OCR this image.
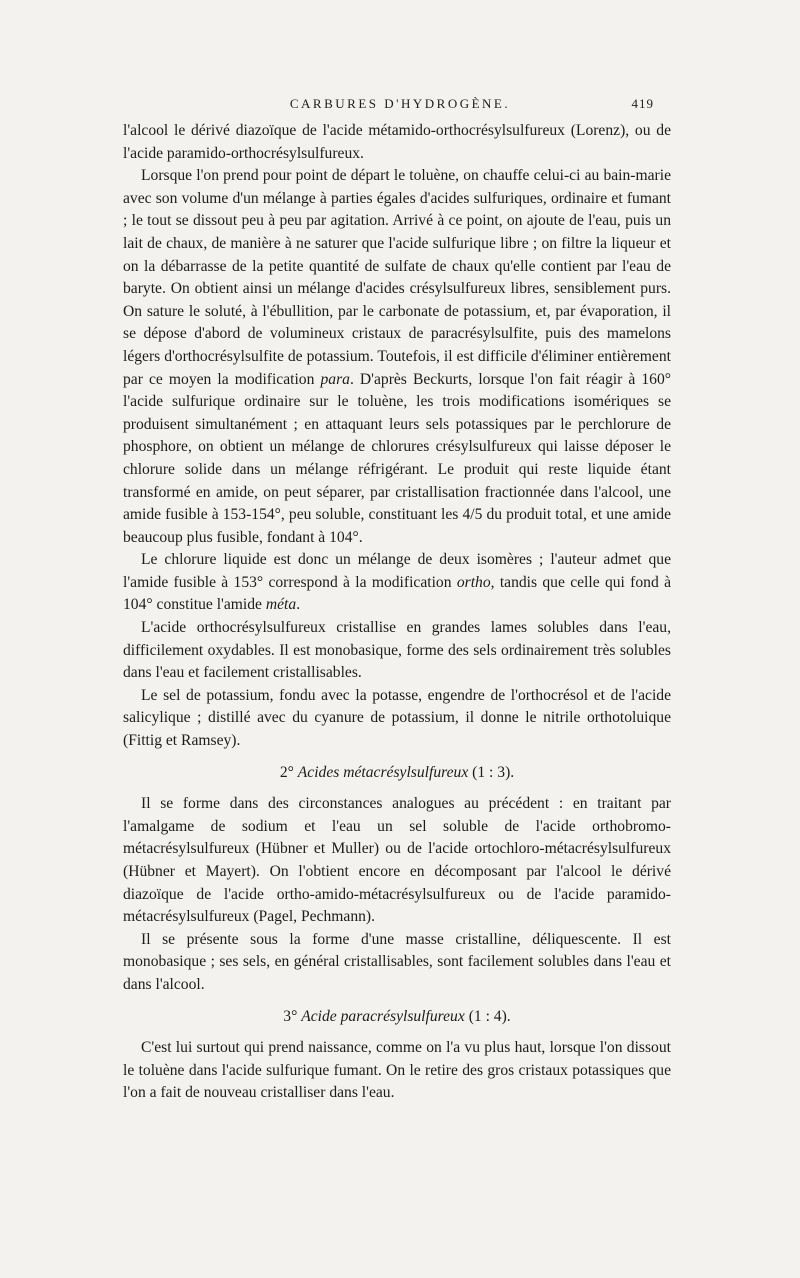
CARBURES D'HYDROGÈNE.	419

l'alcool le dérivé diazoïque de l'acide métamido-orthocrésylsulfureux (Lorenz), ou de l'acide paramido-orthocrésylsulfureux.

Lorsque l'on prend pour point de départ le toluène, on chauffe celui-ci au bain-marie avec son volume d'un mélange à parties égales d'acides sulfuriques, ordinaire et fumant ; le tout se dissout peu à peu par agitation. Arrivé à ce point, on ajoute de l'eau, puis un lait de chaux, de manière à ne saturer que l'acide sulfurique libre ; on filtre la liqueur et on la débarrasse de la petite quantité de sulfate de chaux qu'elle contient par l'eau de baryte. On obtient ainsi un mélange d'acides crésylsulfureux libres, sensiblement purs. On sature le soluté, à l'ébullition, par le carbonate de potassium, et, par évaporation, il se dépose d'abord de volumineux cristaux de paracrésylsulfite, puis des mamelons légers d'orthocrésylsulfite de potassium. Toutefois, il est difficile d'éliminer entièrement par ce moyen la modification para. D'après Beckurts, lorsque l'on fait réagir à 160° l'acide sulfurique ordinaire sur le toluène, les trois modifications isomériques se produisent simultanément ; en attaquant leurs sels potassiques par le perchlorure de phosphore, on obtient un mélange de chlorures crésylsulfureux qui laisse déposer le chlorure solide dans un mélange réfrigérant. Le produit qui reste liquide étant transformé en amide, on peut séparer, par cristallisation fractionnée dans l'alcool, une amide fusible à 153-154°, peu soluble, constituant les 4/5 du produit total, et une amide beaucoup plus fusible, fondant à 104°.

Le chlorure liquide est donc un mélange de deux isomères ; l'auteur admet que l'amide fusible à 153° correspond à la modification ortho, tandis que celle qui fond à 104° constitue l'amide méta.

L'acide orthocrésylsulfureux cristallise en grandes lames solubles dans l'eau, difficilement oxydables. Il est monobasique, forme des sels ordinairement très solubles dans l'eau et facilement cristallisables.

Le sel de potassium, fondu avec la potasse, engendre de l'orthocrésol et de l'acide salicylique ; distillé avec du cyanure de potassium, il donne le nitrile orthotoluique (Fittig et Ramsey).

2° Acides métacrésylsulfureux (1 : 3).

Il se forme dans des circonstances analogues au précédent : en traitant par l'amalgame de sodium et l'eau un sel soluble de l'acide orthobromo-métacrésylsulfureux (Hübner et Muller) ou de l'acide ortochloro-métacrésylsulfureux (Hübner et Mayert). On l'obtient encore en décomposant par l'alcool le dérivé diazoïque de l'acide ortho-amido-métacrésylsulfureux ou de l'acide paramido-métacrésylsulfureux (Pagel, Pechmann).

Il se présente sous la forme d'une masse cristalline, déliquescente. Il est monobasique ; ses sels, en général cristallisables, sont facilement solubles dans l'eau et dans l'alcool.

3° Acide paracrésylsulfureux (1 : 4).

C'est lui surtout qui prend naissance, comme on l'a vu plus haut, lorsque l'on dissout le toluène dans l'acide sulfurique fumant. On le retire des gros cristaux potassiques que l'on a fait de nouveau cristalliser dans l'eau.
